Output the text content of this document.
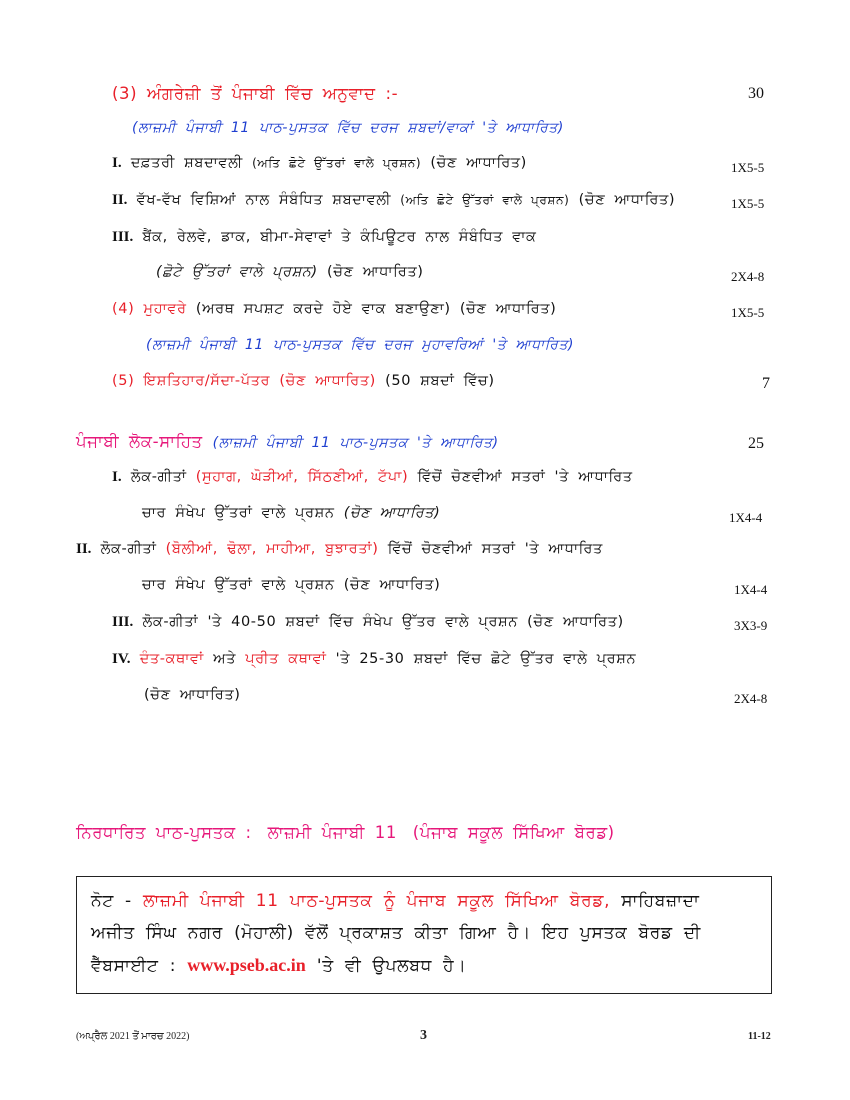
(3) ਅੰਗਰੇਜ਼ੀ ਤੋਂ ਪੰਜਾਬੀ ਵਿੱਚ ਅਨੁਵਾਦ :-	30
(ਲਾਜ਼ਮੀ ਪੰਜਾਬੀ 11 ਪਾਠ-ਪੁਸਤਕ ਵਿੱਚ ਦਰਜ ਸ਼ਬਦਾਂ/ਵਾਕਾਂ 'ਤੇ ਆਧਾਰਿਤ)
I. ਦਫ਼ਤਰੀ ਸ਼ਬਦਾਵਲੀ (ਅਤਿ ਛੋਟੇ ਉੱਤਰਾਂ ਵਾਲੇ ਪ੍ਰਸ਼ਨ) (ਚੋਣ ਆਧਾਰਿਤ)	1X5-5
II. ਵੱਖ-ਵੱਖ ਵਿਸ਼ਿਆਂ ਨਾਲ ਸੰਬੰਧਿਤ ਸ਼ਬਦਾਵਲੀ (ਅਤਿ ਛੋਟੇ ਉੱਤਰਾਂ ਵਾਲੇ ਪ੍ਰਸ਼ਨ) (ਚੋਣ ਆਧਾਰਿਤ)	1X5-5
III. ਬੈਂਕ, ਰੇਲਵੇ, ਡਾਕ, ਬੀਮਾ-ਸੇਵਾਵਾਂ ਤੇ ਕੰਪਿਊਟਰ ਨਾਲ ਸੰਬੰਧਿਤ ਵਾਕ
(ਛੋਟੇ ਉੱਤਰਾਂ ਵਾਲੇ ਪ੍ਰਸ਼ਨ) (ਚੋਣ ਆਧਾਰਿਤ)	2X4-8
(4) ਮੁਹਾਵਰੇ (ਅਰਥ ਸਪਸ਼ਟ ਕਰਦੇ ਹੋਏ ਵਾਕ ਬਣਾਉਣਾ) (ਚੋਣ ਆਧਾਰਿਤ)	1X5-5
(ਲਾਜ਼ਮੀ ਪੰਜਾਬੀ 11 ਪਾਠ-ਪੁਸਤਕ ਵਿੱਚ ਦਰਜ ਮੁਹਾਵਰਿਆਂ 'ਤੇ ਆਧਾਰਿਤ)
(5) ਇਸ਼ਤਿਹਾਰ/ਸੱਦਾ-ਪੱਤਰ (ਚੋਣ ਆਧਾਰਿਤ) (50 ਸ਼ਬਦਾਂ ਵਿੱਚ)	7
ਪੰਜਾਬੀ ਲੋਕ-ਸਾਹਿਤ (ਲਾਜ਼ਮੀ ਪੰਜਾਬੀ 11 ਪਾਠ-ਪੁਸਤਕ 'ਤੇ ਆਧਾਰਿਤ)	25
I. ਲੋਕ-ਗੀਤਾਂ (ਸੁਹਾਗ, ਘੋੜੀਆਂ, ਸਿੱਠਣੀਆਂ, ਟੱਪਾ) ਵਿੱਚੋਂ ਚੋਣਵੀਆਂ ਸਤਰਾਂ 'ਤੇ ਆਧਾਰਿਤ
ਚਾਰ ਸੰਖੇਪ ਉੱਤਰਾਂ ਵਾਲੇ ਪ੍ਰਸ਼ਨ (ਚੋਣ ਆਧਾਰਿਤ)	1X4-4
II. ਲੋਕ-ਗੀਤਾਂ (ਬੋਲੀਆਂ, ਢੋਲਾ, ਮਾਹੀਆ, ਬੁਝਾਰਤਾਂ) ਵਿੱਚੋਂ ਚੋਣਵੀਆਂ ਸਤਰਾਂ 'ਤੇ ਆਧਾਰਿਤ
ਚਾਰ ਸੰਖੇਪ ਉੱਤਰਾਂ ਵਾਲੇ ਪ੍ਰਸ਼ਨ (ਚੋਣ ਆਧਾਰਿਤ)	1X4-4
III. ਲੋਕ-ਗੀਤਾਂ 'ਤੇ 40-50 ਸ਼ਬਦਾਂ ਵਿੱਚ ਸੰਖੇਪ ਉੱਤਰ ਵਾਲੇ ਪ੍ਰਸ਼ਨ (ਚੋਣ ਆਧਾਰਿਤ)	3X3-9
IV. ਦੰਤ-ਕਥਾਵਾਂ ਅਤੇ ਪ੍ਰੀਤ ਕਥਾਵਾਂ 'ਤੇ 25-30 ਸ਼ਬਦਾਂ ਵਿੱਚ ਛੋਟੇ ਉੱਤਰ ਵਾਲੇ ਪ੍ਰਸ਼ਨ
(ਚੋਣ ਆਧਾਰਿਤ)	2X4-8
ਨਿਰਧਾਰਿਤ ਪਾਠ-ਪੁਸਤਕ : ਲਾਜ਼ਮੀ ਪੰਜਾਬੀ 11 (ਪੰਜਾਬ ਸਕੂਲ ਸਿੱਖਿਆ ਬੋਰਡ)
ਨੋਟ - ਲਾਜ਼ਮੀ ਪੰਜਾਬੀ 11 ਪਾਠ-ਪੁਸਤਕ ਨੂੰ ਪੰਜਾਬ ਸਕੂਲ ਸਿੱਖਿਆ ਬੋਰਡ, ਸਾਹਿਬਜ਼ਾਦਾ
ਅਜੀਤ ਸਿੰਘ ਨਗਰ (ਮੋਹਾਲੀ) ਵੱਲੋਂ ਪ੍ਰਕਾਸ਼ਤ ਕੀਤਾ ਗਿਆ ਹੈ। ਇਹ ਪੁਸਤਕ ਬੋਰਡ ਦੀ
ਵੈੱਬਸਾਈਟ : www.pseb.ac.in 'ਤੇ ਵੀ ਉਪਲਬਧ ਹੈ।
(ਅਪ੍ਰੈਲ 2021 ਤੋਂ ਮਾਰਚ 2022)	3	11-12
